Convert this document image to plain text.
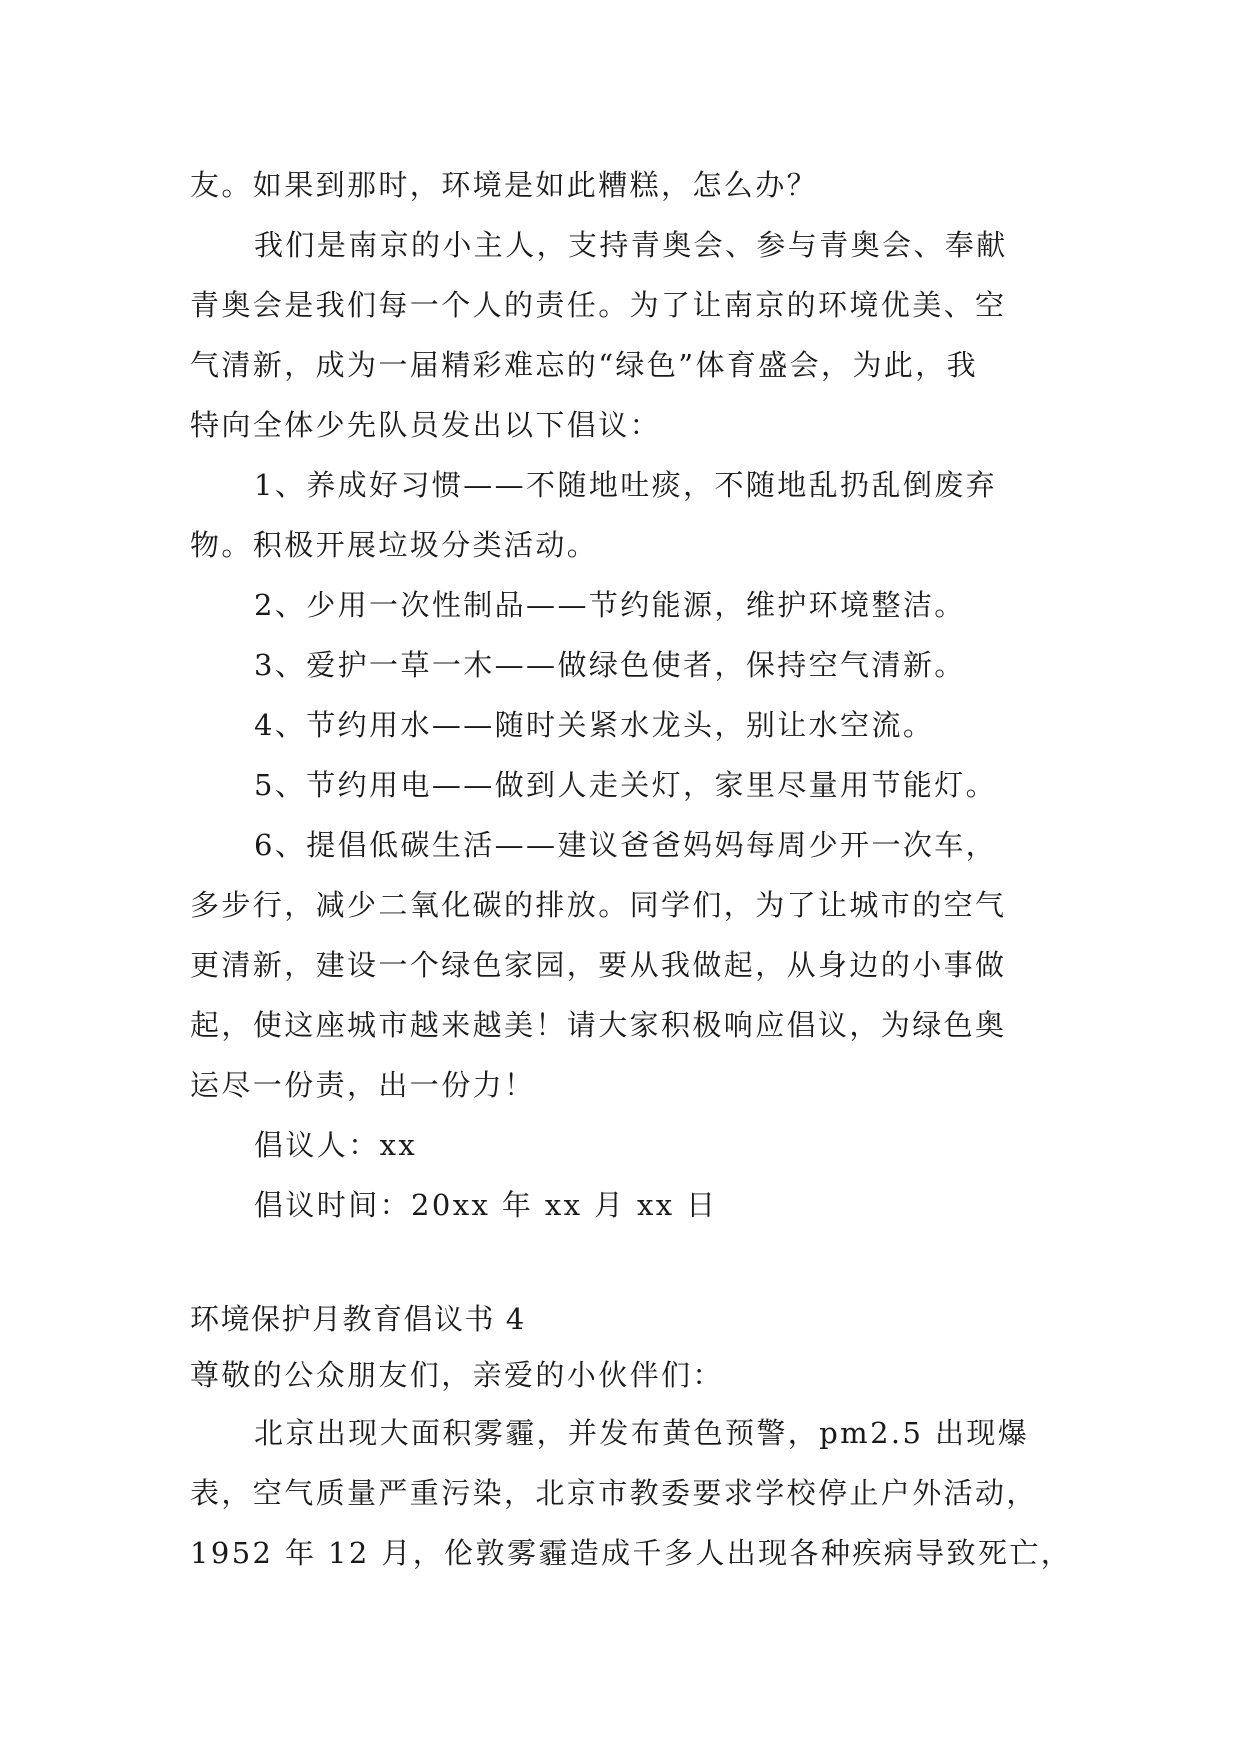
友。如果到那时，环境是如此糟糕，怎么办？
我们是南京的小主人，支持青奥会、参与青奥会、奉献
青奥会是我们每一个人的责任。为了让南京的环境优美、空
气清新，成为一届精彩难忘的“绿色”体育盛会，为此，我
特向全体少先队员发出以下倡议：
1、养成好习惯——不随地吐痰，不随地乱扔乱倒废弃
物。积极开展垃圾分类活动。
2、少用一次性制品——节约能源，维护环境整洁。
3、爱护一草一木——做绿色使者，保持空气清新。
4、节约用水——随时关紧水龙头，别让水空流。
5、节约用电——做到人走关灯，家里尽量用节能灯。
6、提倡低碳生活——建议爸爸妈妈每周少开一次车，
多步行，减少二氧化碳的排放。同学们，为了让城市的空气
更清新，建设一个绿色家园，要从我做起，从身边的小事做
起，使这座城市越来越美！请大家积极响应倡议，为绿色奥
运尽一份责，出一份力！
倡议人：xx
倡议时间：20xx 年 xx 月 xx 日
环境保护月教育倡议书 4
尊敬的公众朋友们，亲爱的小伙伴们：
北京出现大面积雾霾，并发布黄色预警，pm2.5 出现爆
表，空气质量严重污染，北京市教委要求学校停止户外活动，
1952 年 12 月，伦敦雾霾造成千多人出现各种疾病导致死亡，
